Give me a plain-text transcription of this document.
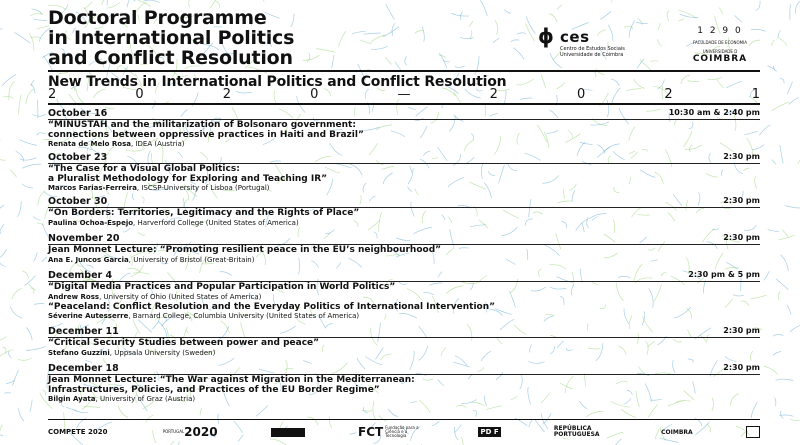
Doctoral Programme
in International Politics
and Conflict Resolution
ϕ ces
Centro de Estudos Sociais
Universidade de Coimbra
1 2 9 0
FACULDADE DE ECONOMIA
UNIVERSIDADE D
COIMBRA
New Trends in International Politics and Conflict Resolution
2	0	2	0	—	2	0	2	1
October 16	10:30 am & 2:40 pm
“MINUSTAH and the militarization of Bolsonaro government:
connections between oppressive practices in Haiti and Brazil”
Renata de Melo Rosa, IDEA (Austria)
October 23	2:30 pm
“The Case for a Visual Global Politics:
a Pluralist Methodology for Exploring and Teaching IR”
Marcos Farias-Ferreira, ISCSP-University of Lisboa (Portugal)
October 30	2:30 pm
“On Borders: Territories, Legitimacy and the Rights of Place”
Paulina Ochoa-Espejo, Harverford College (United States of America)
November 20	2:30 pm
Jean Monnet Lecture: “Promoting resilient peace in the EU’s neighbourhood”
Ana E. Juncos Garcia, University of Bristol (Great-Britain)
December 4	2:30 pm & 5 pm
“Digital Media Practices and Popular Participation in World Politics”
Andrew Ross, University of Ohio (United States of America)
“Peaceland: Conflict Resolution and the Everyday Politics of International Intervention”
Séverine Autesserre, Barnard College, Columbia University (United States of America)
December 11	2:30 pm
“Critical Security Studies between power and peace”
Stefano Guzzini, Uppsala University (Sweden)
December 18	2:30 pm
Jean Monnet Lecture: “The War against Migration in the Mediterranean:
Infrastructures, Policies, and Practices of the EU Border Regime”
Bilgin Ayata, University of Graz (Austria)
COMPETE 2020	PORTUGAL 2020	FCT Fundação para a Ciência e a Tecnologia	PD F	REPÚBLICA PORTUGUESA	COIMBRA
